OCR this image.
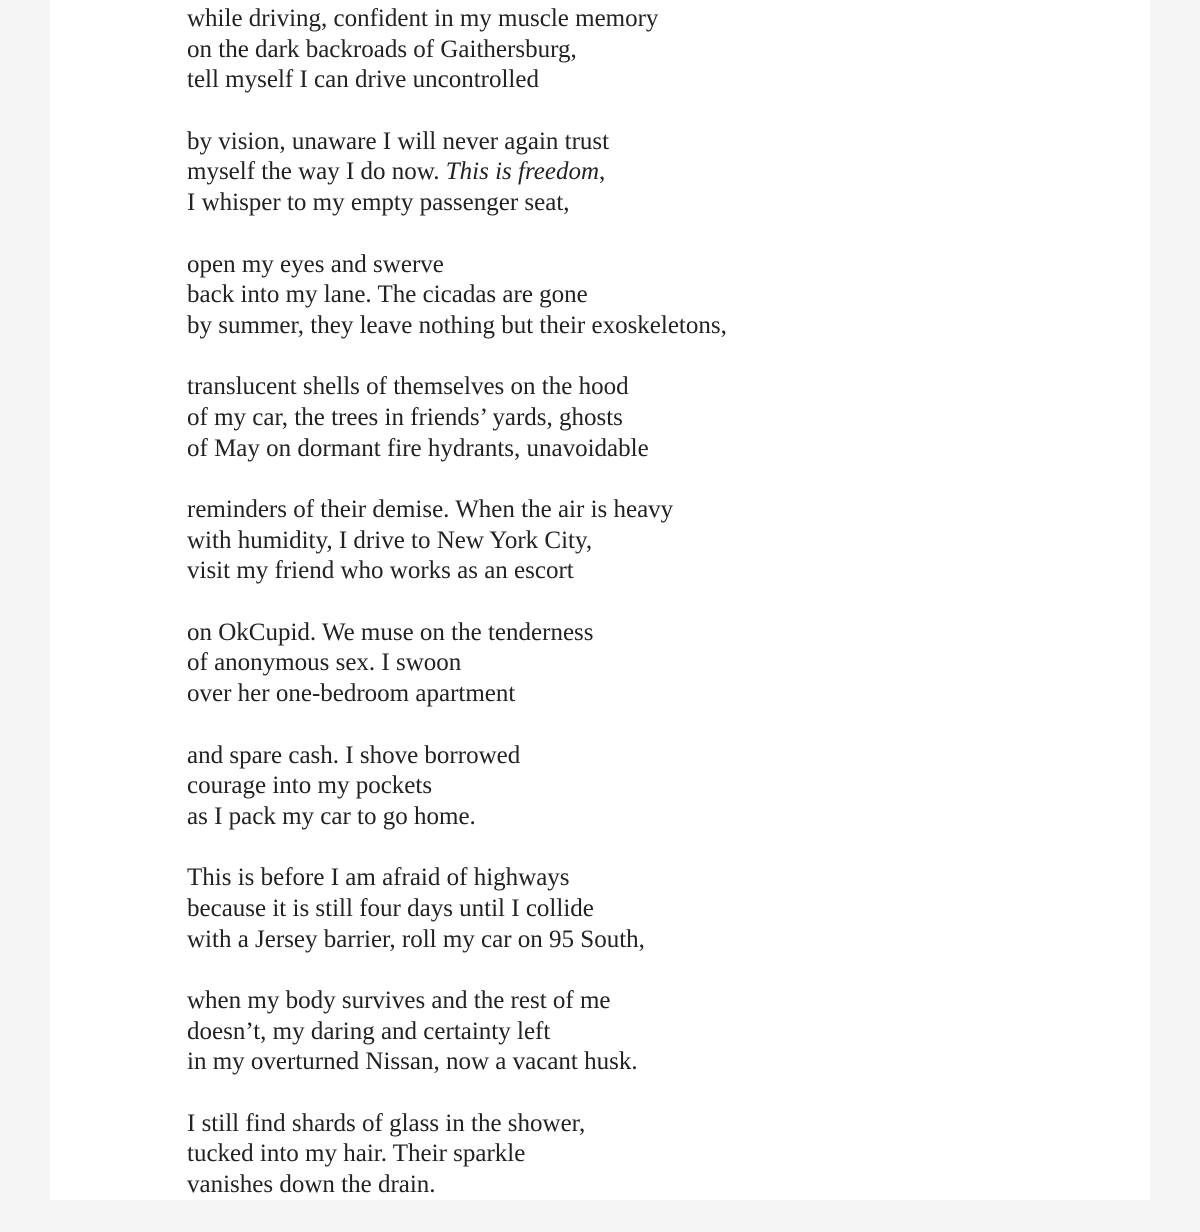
while driving, confident in my muscle memory
on the dark backroads of Gaithersburg,
tell myself I can drive uncontrolled
by vision, unaware I will never again trust
myself the way I do now. This is freedom,
I whisper to my empty passenger seat,
open my eyes and swerve
back into my lane. The cicadas are gone
by summer, they leave nothing but their exoskeletons,
translucent shells of themselves on the hood
of my car, the trees in friends’ yards, ghosts
of May on dormant fire hydrants, unavoidable
reminders of their demise. When the air is heavy
with humidity, I drive to New York City,
visit my friend who works as an escort
on OkCupid. We muse on the tenderness
of anonymous sex. I swoon
over her one-bedroom apartment
and spare cash. I shove borrowed
courage into my pockets
as I pack my car to go home.
This is before I am afraid of highways
because it is still four days until I collide
with a Jersey barrier, roll my car on 95 South,
when my body survives and the rest of me
doesn’t, my daring and certainty left
in my overturned Nissan, now a vacant husk.
I still find shards of glass in the shower,
tucked into my hair. Their sparkle
vanishes down the drain.
